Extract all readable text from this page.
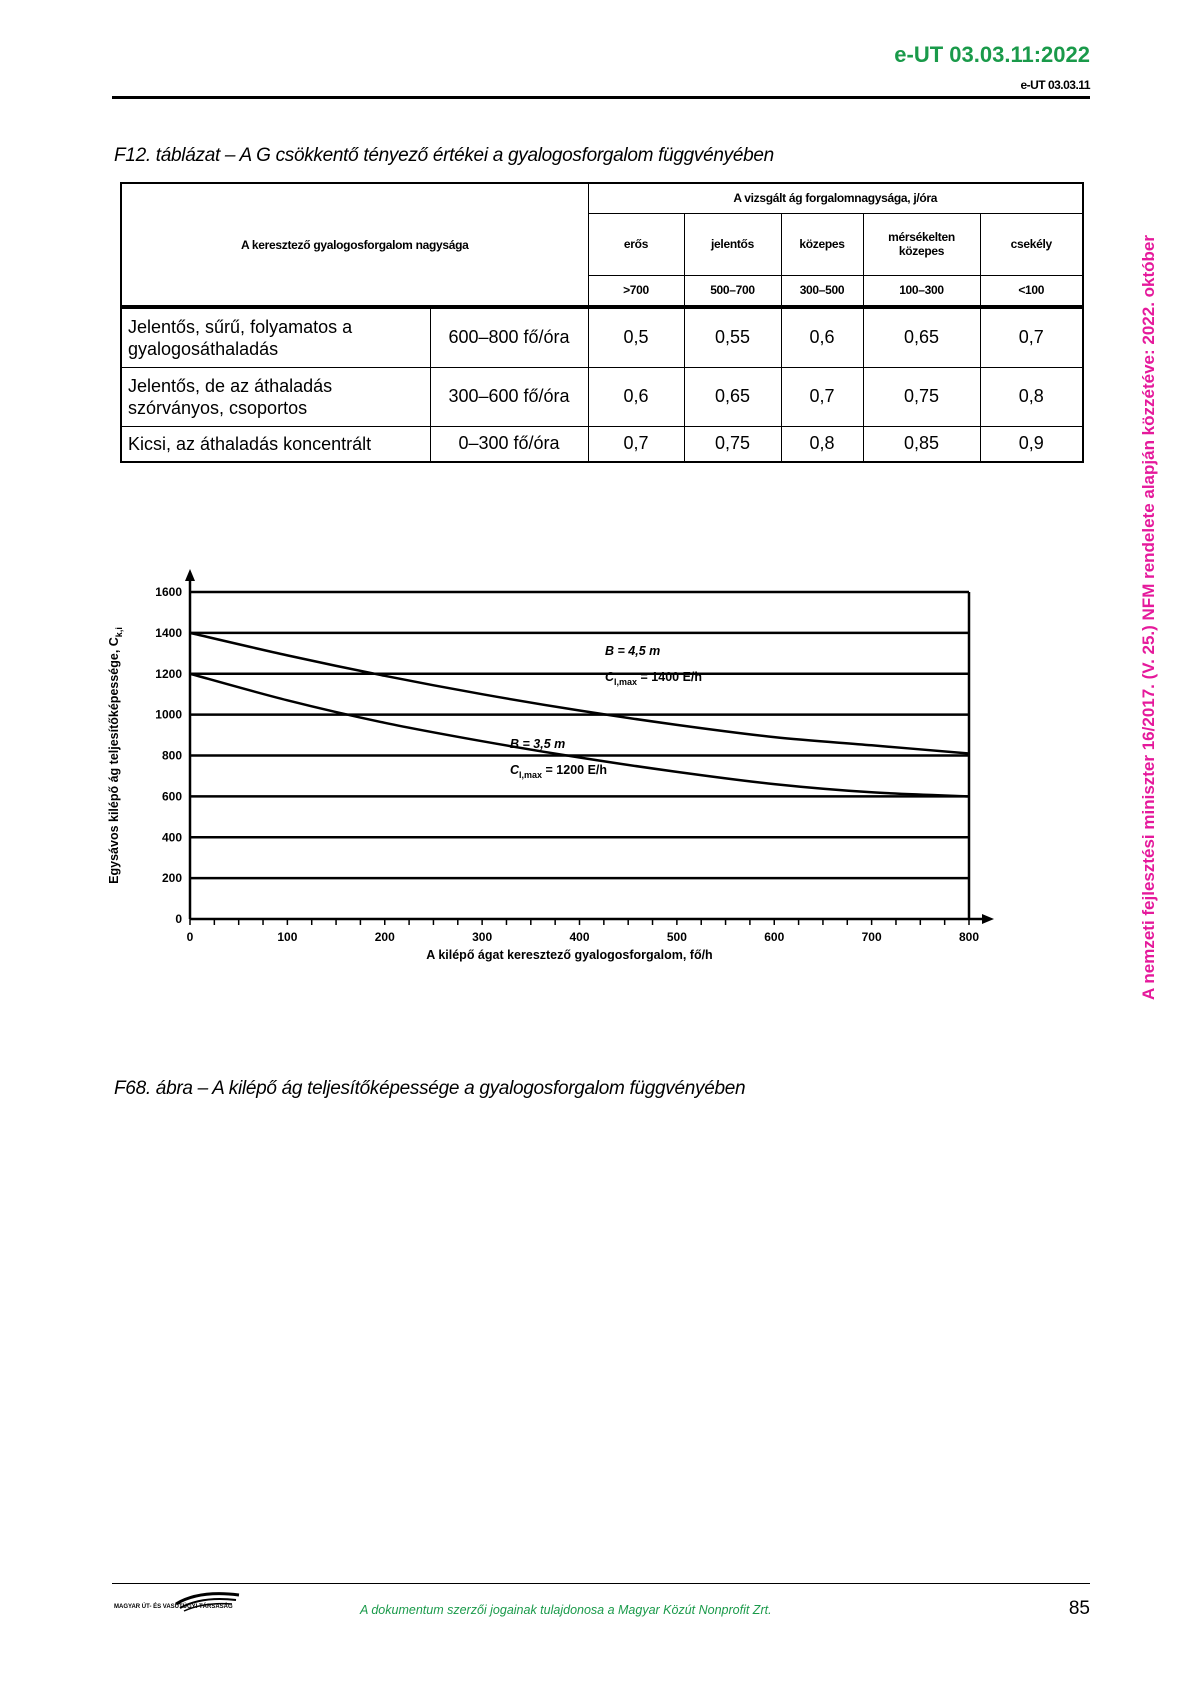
e-UT 03.03.11:2022
e-UT 03.03.11
A nemzeti fejlesztési miniszter 16/2017. (V. 25.) NFM rendelete alapján közzétéve: 2022. október
F12. táblázat – A G csökkentő tényező értékei a gyalogosforgalom függvényében
A keresztező gyalogosforgalom nagysága		A vizsgált ág forgalomnagysága, j/óra				
		erős	jelentős	közepes	mérsékelten közepes	csekély
		>700	500–700	300–500	100–300	<100
Jelentős, sűrű, folyamatos a gyalogosáthaladás	600–800 fő/óra	0,5	0,55	0,6	0,65	0,7
Jelentős, de az áthaladás szórványos, csoportos	300–600 fő/óra	0,6	0,65	0,7	0,75	0,8
Kicsi, az áthaladás koncentrált	0–300 fő/óra	0,7	0,75	0,8	0,85	0,9
0	100	200	300	400	500	600	700	800
0
200
400
600
800
1000
1200
1400
1600
A kilépő ágat keresztező gyalogosforgalom, fő/h
Egysávos kilépő ág teljesítőképessége, $C_{k,i}$
B = 4,5 m
$C_{l,max} = 1400$ E/h
B = 3,5 m
$C_{l,max} = 1200$ E/h
F68. ábra – A kilépő ág teljesítőképessége a gyalogosforgalom függvényében
MAGYAR ÚT- ÉS VASÚTÜGYI TÁRSASÁG	A dokumentum szerzői jogainak tulajdonosa a Magyar Közút Nonprofit Zrt.	85
